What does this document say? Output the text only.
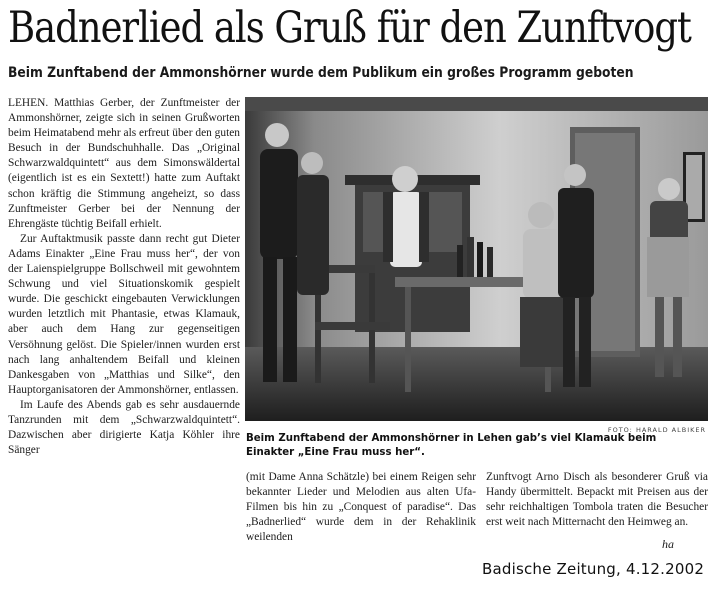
Badnerlied als Gruß für den Zunftvogt
Beim Zunftabend der Ammonshörner wurde dem Publikum ein großes Programm geboten

LEHEN. Matthias Gerber, der Zunftmeister der Ammonshörner, zeigte sich in seinen Grußworten beim Heimatabend mehr als erfreut über den guten Besuch in der Bundschuhhalle. Das „Original Schwarzwaldquintett“ aus dem Simonswäldertal (eigentlich ist es ein Sextett!) hatte zum Auftakt schon kräftig die Stimmung angeheizt, so dass Zunftmeister Gerber bei der Nennung der Ehrengäste tüchtig Beifall erhielt.

Zur Auftaktmusik passte dann recht gut Dieter Adams Einakter „Eine Frau muss her“, der von der Laienspielgruppe Bollschweil mit gewohntem Schwung und viel Situationskomik gespielt wurde. Die geschickt eingebauten Verwicklungen wurden letztlich mit Phantasie, etwas Klamauk, aber auch dem Hang zur gegenseitigen Versöhnung gelöst. Die Spieler/innen wurden erst nach lang anhaltendem Beifall und kleinen Dankesgaben von „Matthias und Silke“, den Hauptorganisatoren der Ammonshörner, entlassen.

Im Laufe des Abends gab es sehr ausdauernde Tanzrunden mit dem „Schwarzwaldquintett“. Dazwischen aber dirigierte Katja Köhler ihre Sänger

FOTO: HARALD ALBIKER
Beim Zunftabend der Ammonshörner in Lehen gab’s viel Klamauk beim
Einakter „Eine Frau muss her“.

(mit Dame Anna Schätzle) bei einem Reigen sehr bekannter Lieder und Melodien aus alten Ufa- Filmen bis hin zu „Conquest of paradise“. Das „Badnerlied“ wurde dem in der Rehaklinik weilenden

Zunftvogt Arno Disch als besonderer Gruß via Handy übermittelt. Bepackt mit Preisen aus der sehr reichhaltigen Tombola traten die Besucher erst weit nach Mitternacht den Heimweg an.

ha
Badische Zeitung, 4.12.2002
